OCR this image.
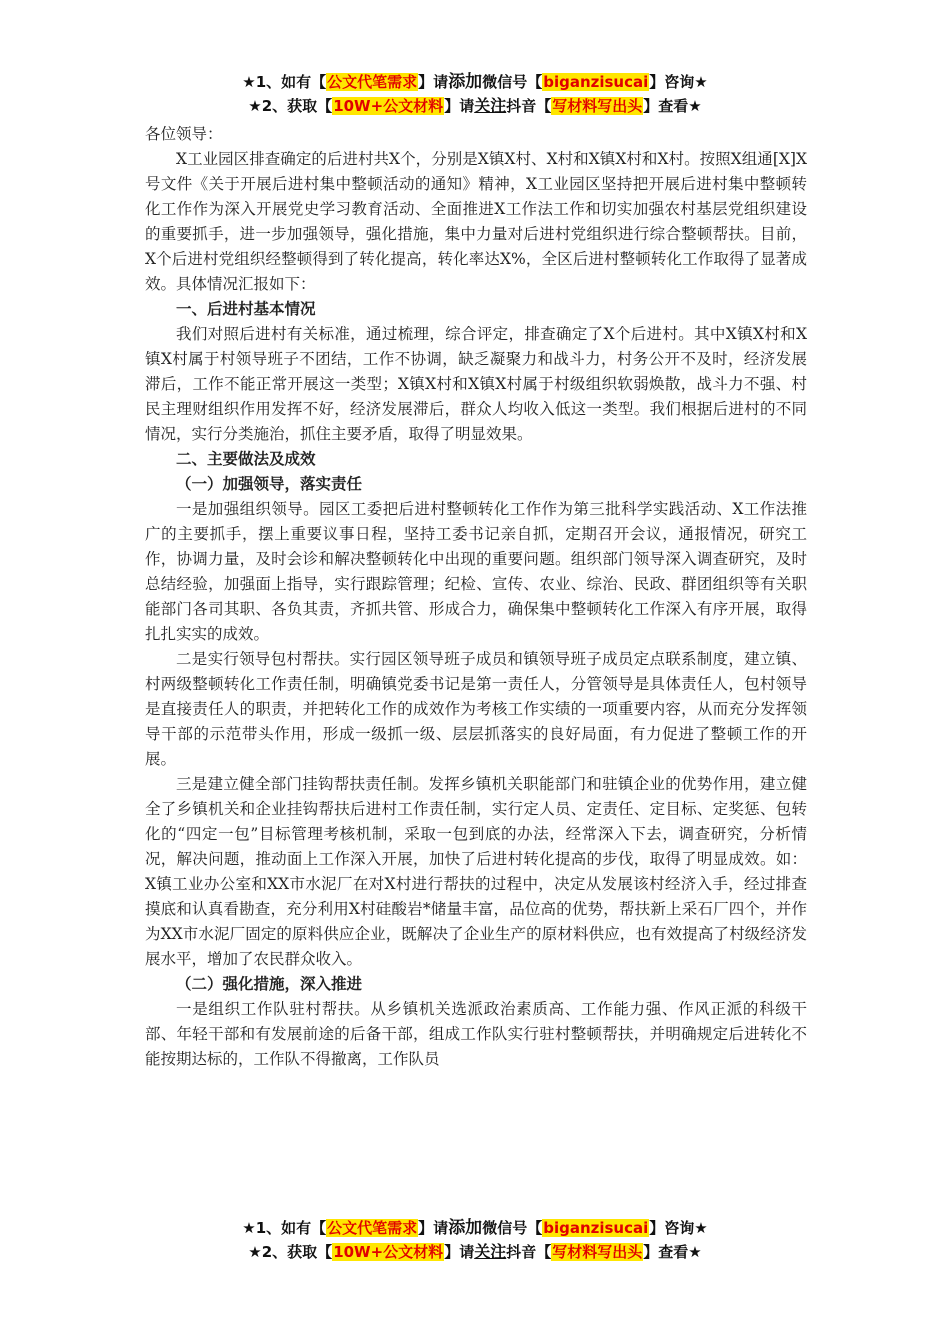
★1、如有【公文代笔需求】请添加微信号【biganzisucai】咨询★
★2、获取【10W+公文材料】请关注抖音【写材料写出头】查看★

各位领导：

X工业园区排查确定的后进村共X个，分别是X镇X村、X村和X镇X村和X村。按照X组通[X]X号文件《关于开展后进村集中整顿活动的通知》精神，X工业园区坚持把开展后进村集中整顿转化工作作为深入开展党史学习教育活动、全面推进X工作法工作和切实加强农村基层党组织建设的重要抓手，进一步加强领导，强化措施，集中力量对后进村党组织进行综合整顿帮扶。目前，X个后进村党组织经整顿得到了转化提高，转化率达X%，全区后进村整顿转化工作取得了显著成效。具体情况汇报如下：

一、后进村基本情况

我们对照后进村有关标准，通过梳理，综合评定，排查确定了X个后进村。其中X镇X村和X镇X村属于村领导班子不团结，工作不协调，缺乏凝聚力和战斗力，村务公开不及时，经济发展滞后，工作不能正常开展这一类型；X镇X村和X镇X村属于村级组织软弱焕散，战斗力不强、村民主理财组织作用发挥不好，经济发展滞后，群众人均收入低这一类型。我们根据后进村的不同情况，实行分类施治，抓住主要矛盾，取得了明显效果。

二、主要做法及成效

（一）加强领导，落实责任

一是加强组织领导。园区工委把后进村整顿转化工作作为第三批科学实践活动、X工作法推广的主要抓手，摆上重要议事日程，坚持工委书记亲自抓，定期召开会议，通报情况，研究工作，协调力量，及时会诊和解决整顿转化中出现的重要问题。组织部门领导深入调查研究，及时总结经验，加强面上指导，实行跟踪管理；纪检、宣传、农业、综治、民政、群团组织等有关职能部门各司其职、各负其责，齐抓共管、形成合力，确保集中整顿转化工作深入有序开展，取得扎扎实实的成效。

二是实行领导包村帮扶。实行园区领导班子成员和镇领导班子成员定点联系制度，建立镇、村两级整顿转化工作责任制，明确镇党委书记是第一责任人，分管领导是具体责任人，包村领导是直接责任人的职责，并把转化工作的成效作为考核工作实绩的一项重要内容，从而充分发挥领导干部的示范带头作用，形成一级抓一级、层层抓落实的良好局面，有力促进了整顿工作的开展。

三是建立健全部门挂钩帮扶责任制。发挥乡镇机关职能部门和驻镇企业的优势作用，建立健全了乡镇机关和企业挂钩帮扶后进村工作责任制，实行定人员、定责任、定目标、定奖惩、包转化的“四定一包”目标管理考核机制，采取一包到底的办法，经常深入下去，调查研究，分析情况，解决问题，推动面上工作深入开展，加快了后进村转化提高的步伐，取得了明显成效。如：X镇工业办公室和XX市水泥厂在对X村进行帮扶的过程中，决定从发展该村经济入手，经过排查摸底和认真看勘查，充分利用X村硅酸岩*储量丰富，品位高的优势，帮扶新上采石厂四个，并作为XX市水泥厂固定的原料供应企业，既解决了企业生产的原材料供应，也有效提高了村级经济发展水平，增加了农民群众收入。

（二）强化措施，深入推进

一是组织工作队驻村帮扶。从乡镇机关选派政治素质高、工作能力强、作风正派的科级干部、年轻干部和有发展前途的后备干部，组成工作队实行驻村整顿帮扶，并明确规定后进转化不能按期达标的，工作队不得撤离，工作队员

★1、如有【公文代笔需求】请添加微信号【biganzisucai】咨询★
★2、获取【10W+公文材料】请关注抖音【写材料写出头】查看★
